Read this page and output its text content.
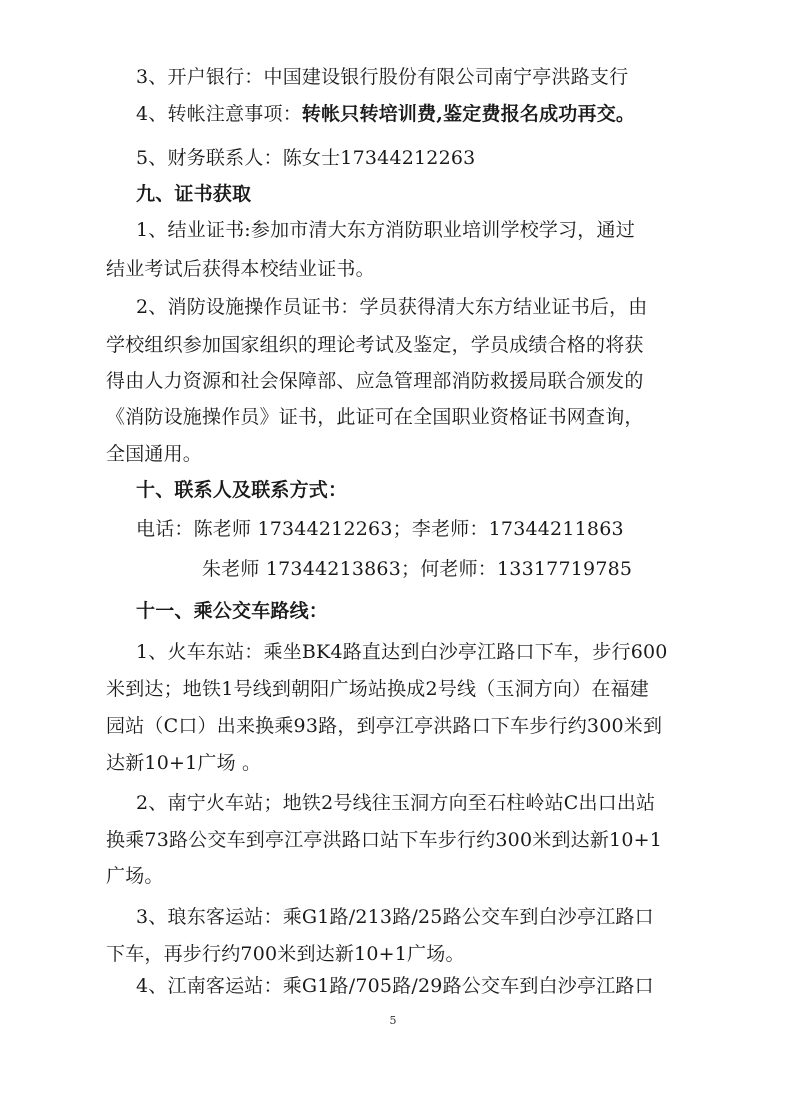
3、开户银行：中国建设银行股份有限公司南宁亭洪路支行
4、转帐注意事项：转帐只转培训费,鉴定费报名成功再交。
5、财务联系人：陈女士17344212263
九、证书获取
1、结业证书:参加市清大东方消防职业培训学校学习，通过
结业考试后获得本校结业证书。
2、消防设施操作员证书：学员获得清大东方结业证书后，由
学校组织参加国家组织的理论考试及鉴定，学员成绩合格的将获
得由人力资源和社会保障部、应急管理部消防救援局联合颁发的
《消防设施操作员》证书，此证可在全国职业资格证书网查询，
全国通用。
十、联系人及联系方式：
电话：陈老师 17344212263；李老师：17344211863
朱老师 17344213863；何老师：13317719785
十一、乘公交车路线：
1、火车东站：乘坐BK4路直达到白沙亭江路口下车，步行600
米到达；地铁1号线到朝阳广场站换成2号线（玉洞方向）在福建
园站（C口）出来换乘93路，到亭江亭洪路口下车步行约300米到
达新10+1广场 。
2、南宁火车站；地铁2号线往玉洞方向至石柱岭站C出口出站
换乘73路公交车到亭江亭洪路口站下车步行约300米到达新10+1
广场。
3、琅东客运站：乘G1路/213路/25路公交车到白沙亭江路口
下车，再步行约700米到达新10+1广场。
4、江南客运站：乘G1路/705路/29路公交车到白沙亭江路口
5
